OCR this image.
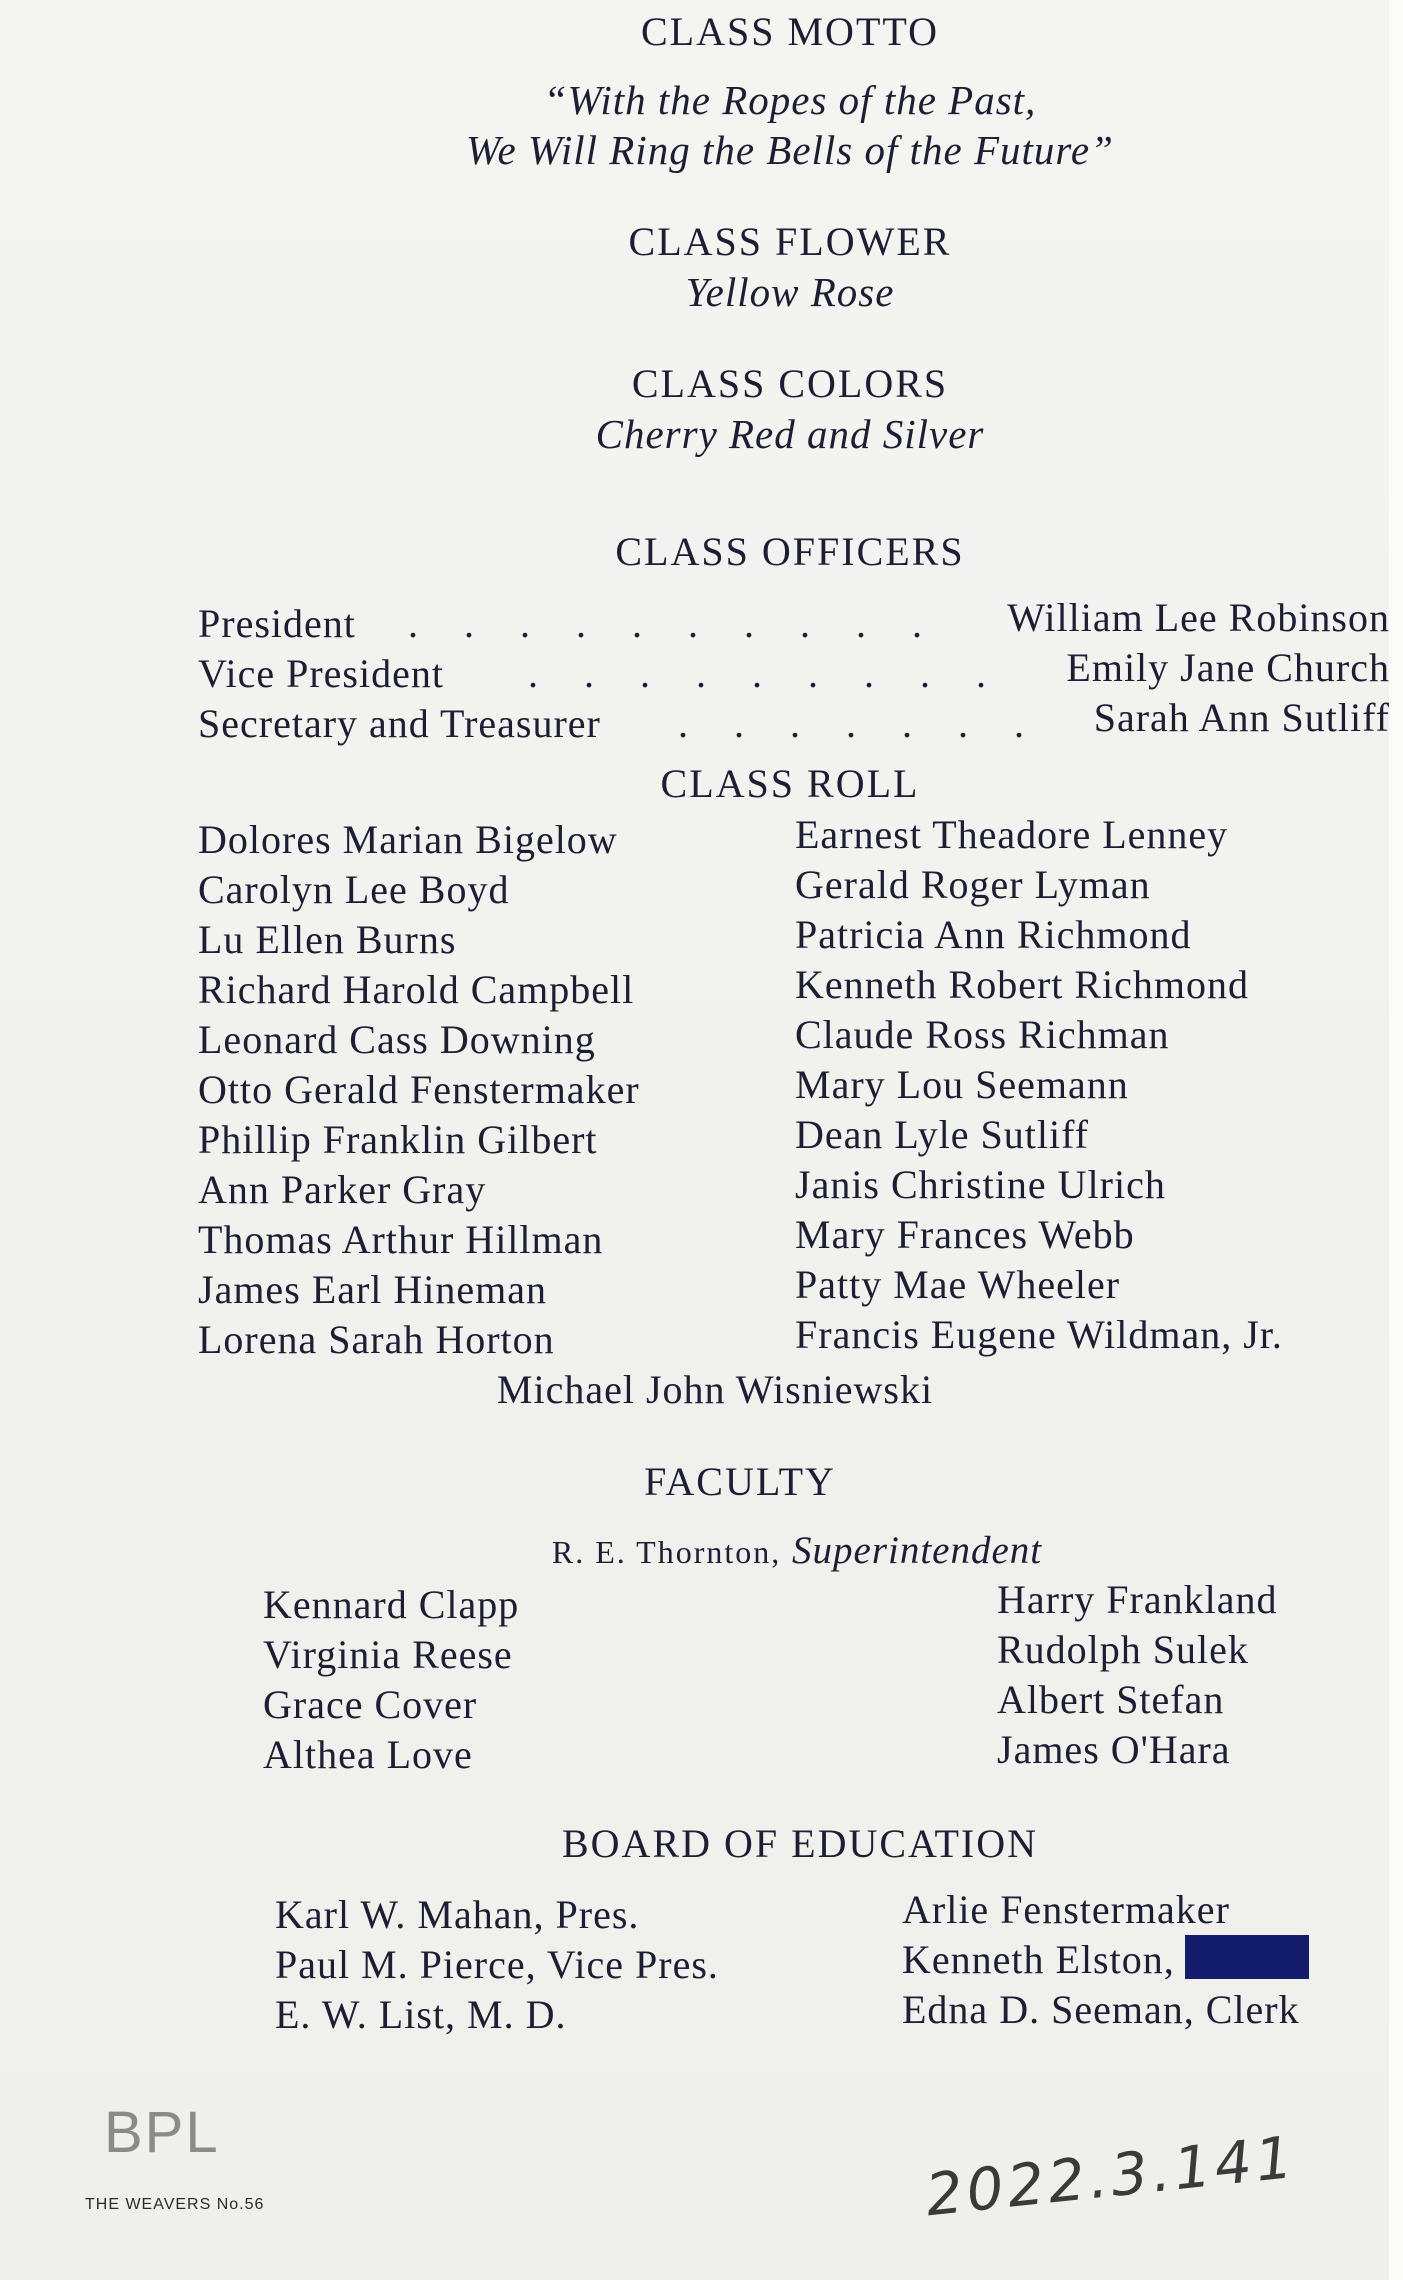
CLASS MOTTO
“With the Ropes of the Past,
We Will Ring the Bells of the Future”
CLASS FLOWER
Yellow Rose
CLASS COLORS
Cherry Red and Silver
CLASS OFFICERS
President . . . . . . . . . . William Lee Robinson
Vice President . . . . . . . . . Emily Jane Church
Secretary and Treasurer . . . . . . . Sarah Ann Sutliff
CLASS ROLL
Dolores Marian Bigelow
Carolyn Lee Boyd
Lu Ellen Burns
Richard Harold Campbell
Leonard Cass Downing
Otto Gerald Fenstermaker
Phillip Franklin Gilbert
Ann Parker Gray
Thomas Arthur Hillman
James Earl Hineman
Lorena Sarah Horton
Earnest Theadore Lenney
Gerald Roger Lyman
Patricia Ann Richmond
Kenneth Robert Richmond
Claude Ross Richman
Mary Lou Seemann
Dean Lyle Sutliff
Janis Christine Ulrich
Mary Frances Webb
Patty Mae Wheeler
Francis Eugene Wildman, Jr.
Michael John Wisniewski
FACULTY
R. E. Thornton, Superintendent
Kennard Clapp
Virginia Reese
Grace Cover
Althea Love
Harry Frankland
Rudolph Sulek
Albert Stefan
James O'Hara
BOARD OF EDUCATION
Karl W. Mahan, Pres.
Paul M. Pierce, Vice Pres.
E. W. List, M. D.
Arlie Fenstermaker
Kenneth Elston,
Edna D. Seeman, Clerk
BPL
THE WEAVERS No.56	2022.3.141
